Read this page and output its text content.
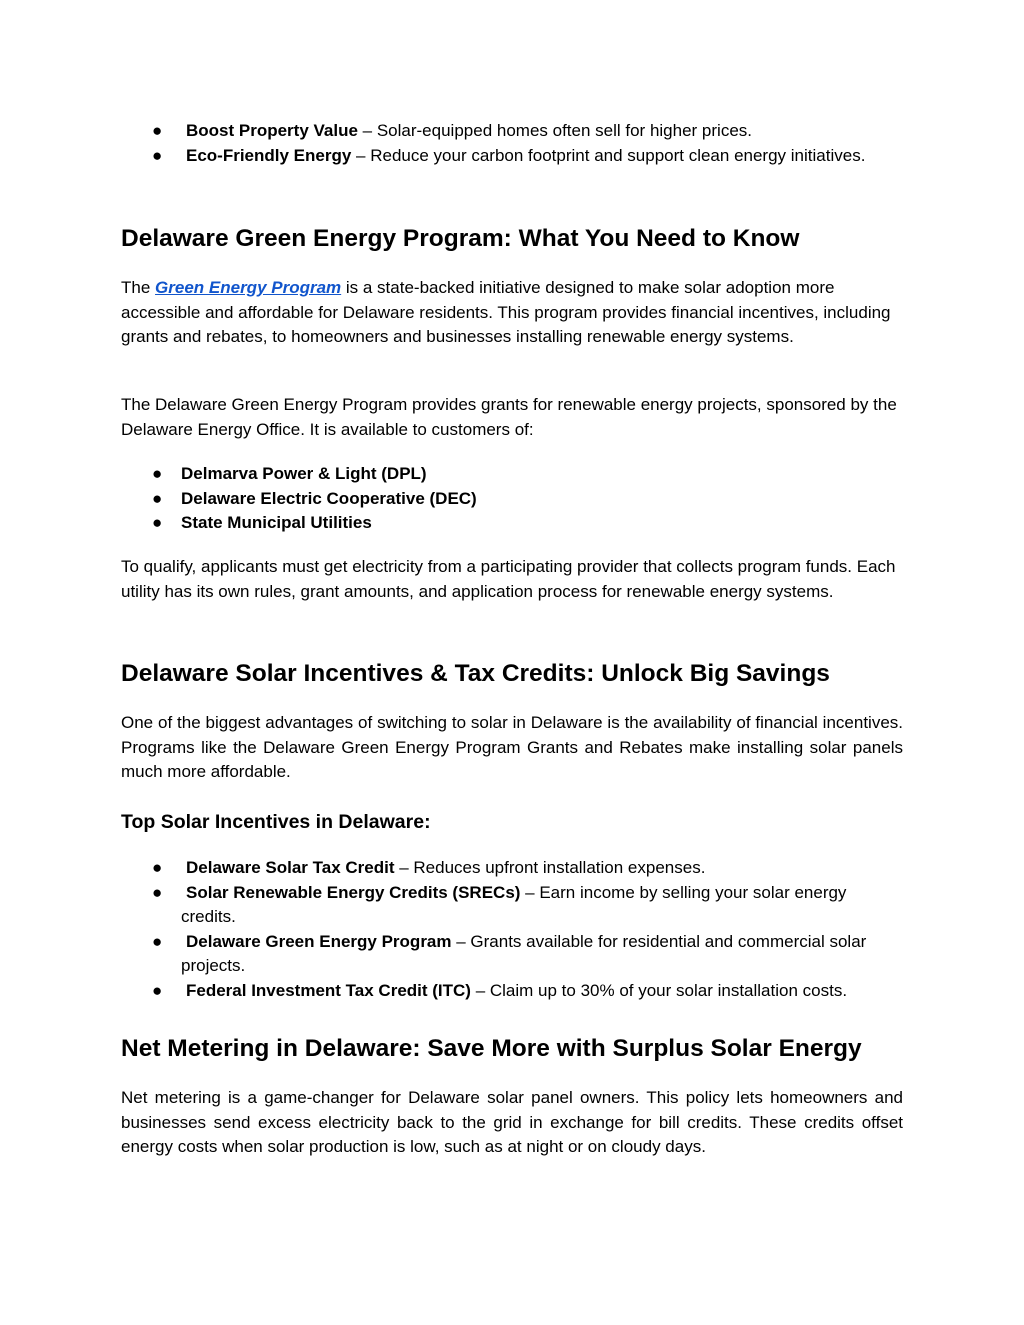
● Boost Property Value – Solar-equipped homes often sell for higher prices.
● Eco-Friendly Energy – Reduce your carbon footprint and support clean energy initiatives.
Delaware Green Energy Program: What You Need to Know

The Green Energy Program is a state-backed initiative designed to make solar adoption more accessible and affordable for Delaware residents. This program provides financial incentives, including grants and rebates, to homeowners and businesses installing renewable energy systems.

The Delaware Green Energy Program provides grants for renewable energy projects, sponsored by the Delaware Energy Office. It is available to customers of:

● Delmarva Power & Light (DPL)
● Delaware Electric Cooperative (DEC)
● State Municipal Utilities

To qualify, applicants must get electricity from a participating provider that collects program funds. Each utility has its own rules, grant amounts, and application process for renewable energy systems.

Delaware Solar Incentives & Tax Credits: Unlock Big Savings

One of the biggest advantages of switching to solar in Delaware is the availability of financial incentives. Programs like the Delaware Green Energy Program Grants and Rebates make installing solar panels much more affordable.

Top Solar Incentives in Delaware:
● Delaware Solar Tax Credit – Reduces upfront installation expenses.
● Solar Renewable Energy Credits (SRECs) – Earn income by selling your solar energy credits.
● Delaware Green Energy Program – Grants available for residential and commercial solar projects.
● Federal Investment Tax Credit (ITC) – Claim up to 30% of your solar installation costs.
Net Metering in Delaware: Save More with Surplus Solar Energy

Net metering is a game-changer for Delaware solar panel owners. This policy lets homeowners and businesses send excess electricity back to the grid in exchange for bill credits. These credits offset energy costs when solar production is low, such as at night or on cloudy days.
